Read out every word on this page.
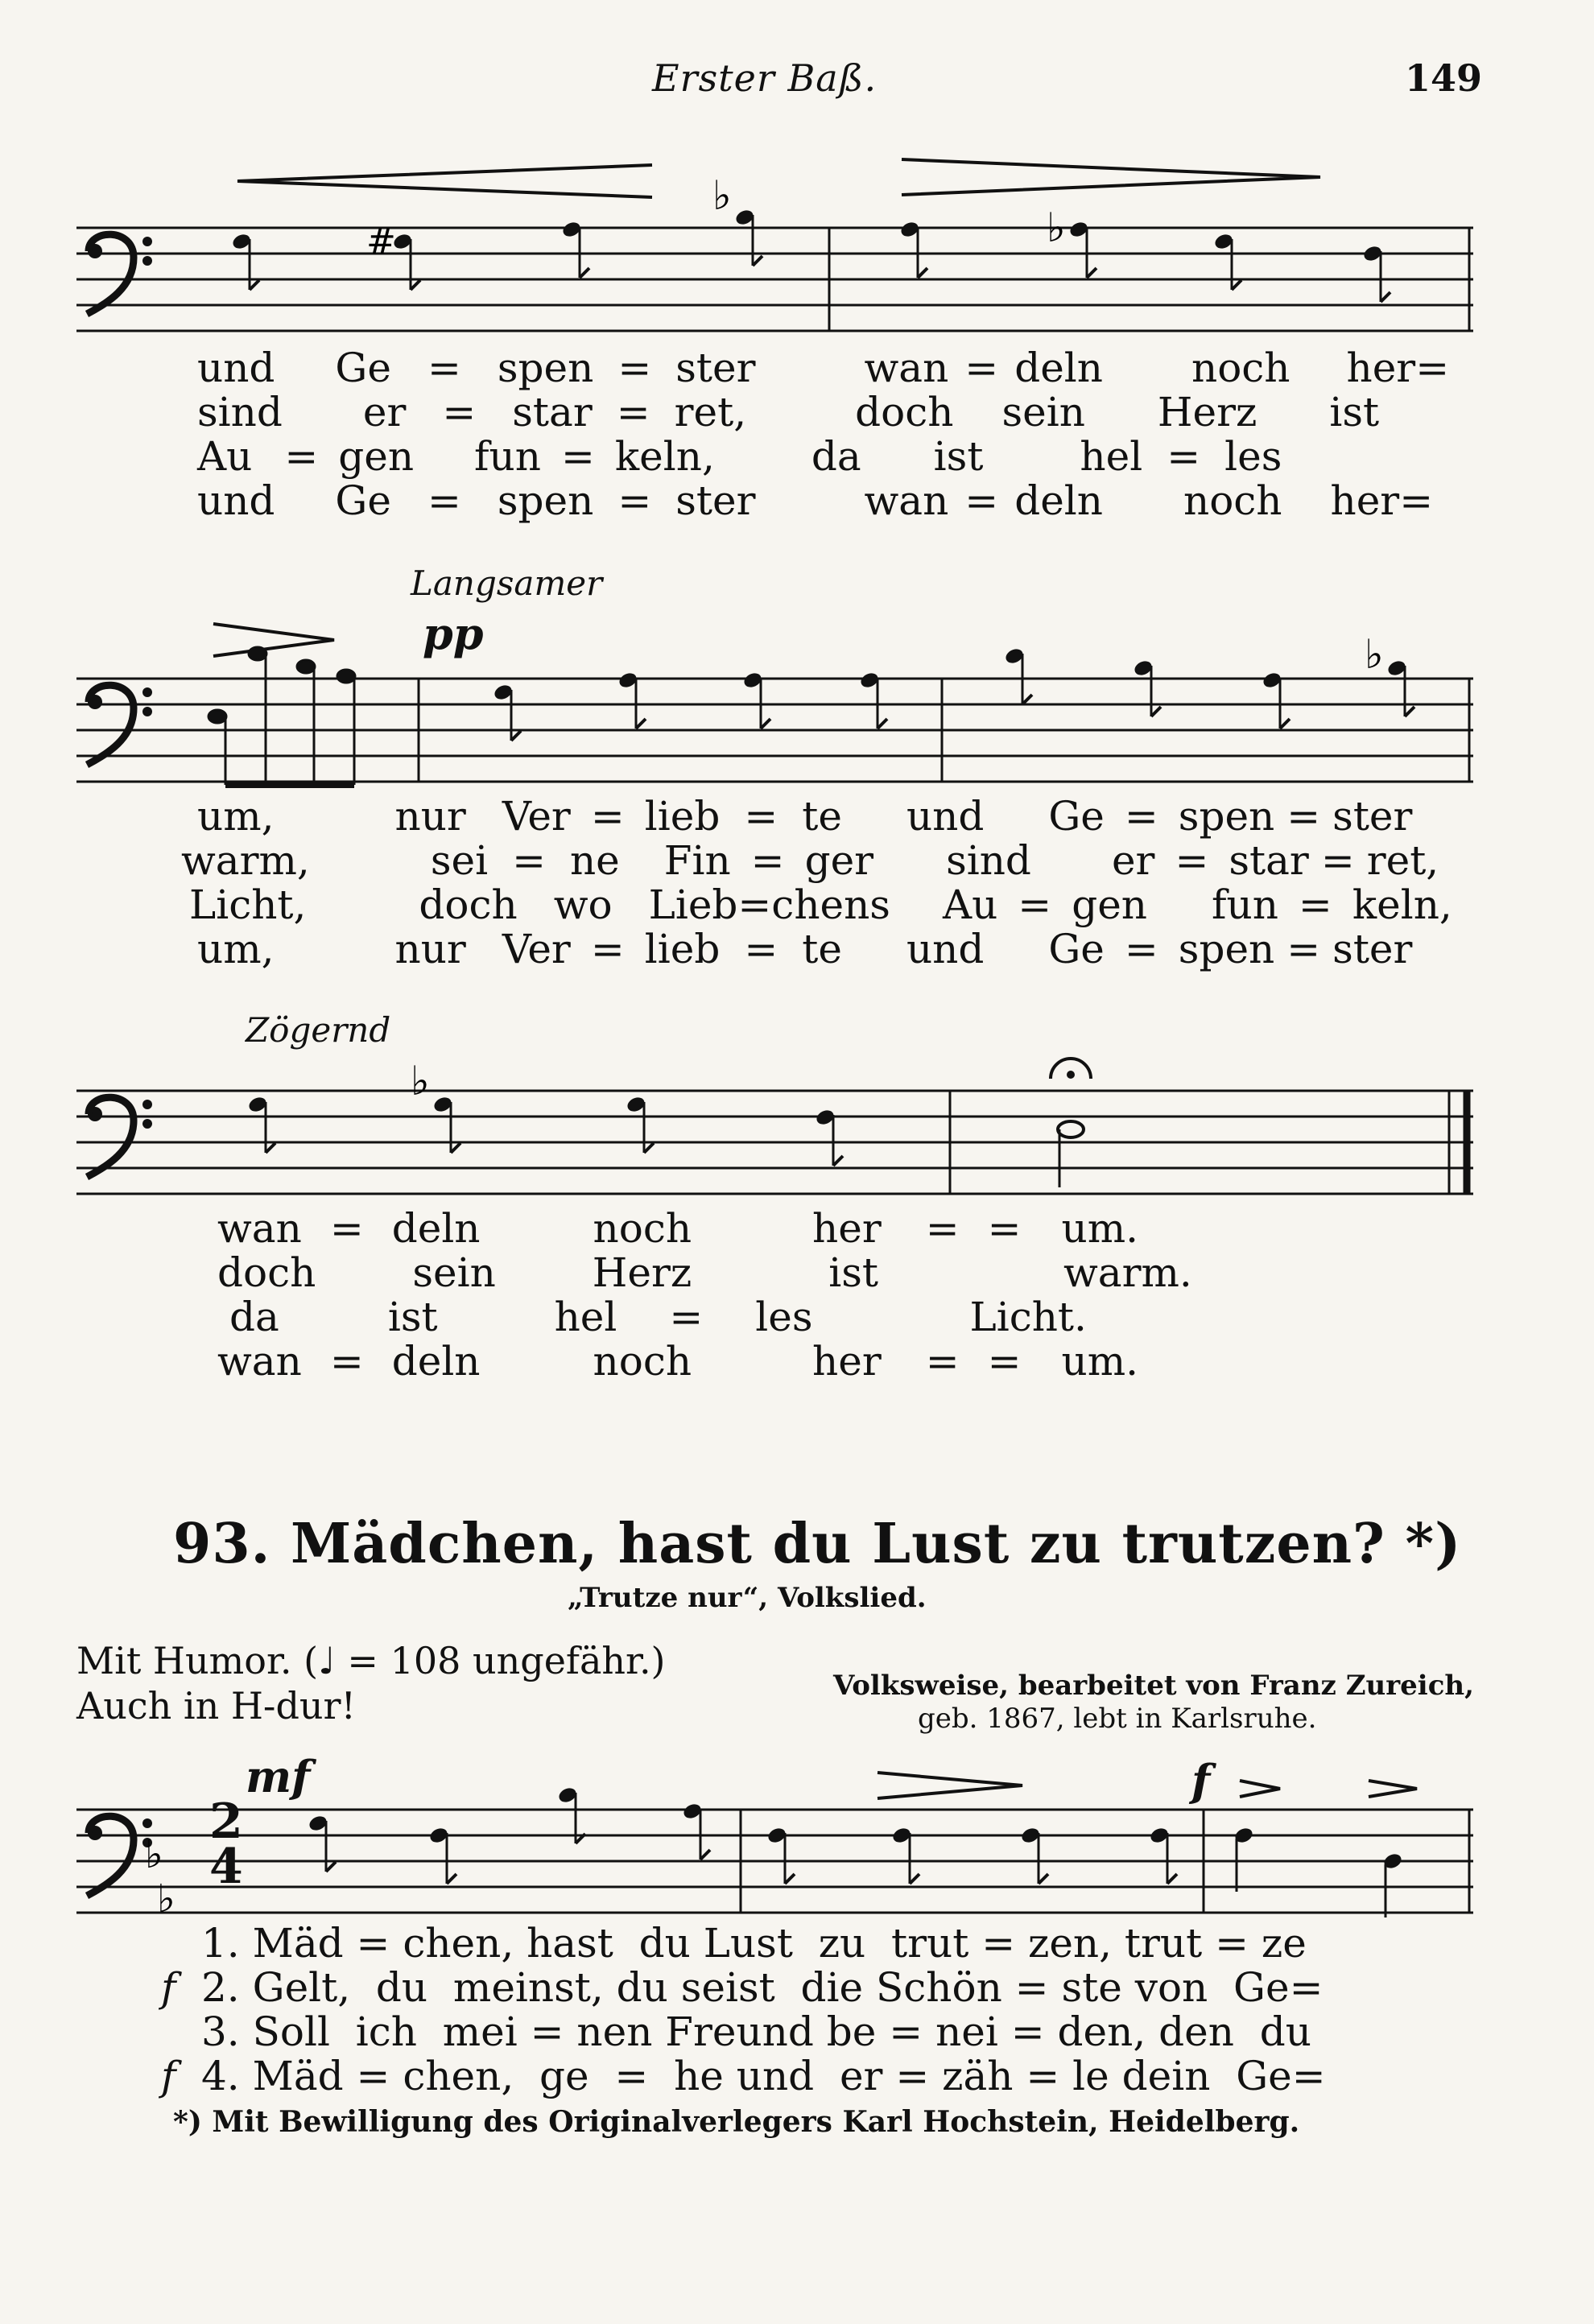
Erster Baß.	149
#
♭
♭
♭
♭
♭
♭
und Ge = spen = ster	wan = deln noch her=
sind er = star = ret,	doch sein Herz ist
Au = gen fun = keln, da ist hel = les
und Ge = spen = ster	wan = deln noch her=
Langsamer
pp
um,	nur Ver = lieb = te und Ge = spen = ster
warm,	sei = ne Fin = ger sind er = star = ret,
Licht,	doch wo Lieb=chens Au = gen fun = keln,
um,	nur Ver = lieb = te und Ge = spen = ster
Zögernd
wan = deln	noch	her = = um.
doch sein Herz	ist	warm.
da	ist	hel = les	Licht.
wan = deln	noch	her = = um.
93. Mädchen, hast du Lust zu trutzen? *)
„Trutze nur“, Volkslied.
Mit Humor. (♩ = 108 ungefähr.)
Auch in H-dur!	Volksweise, bearbeitet von Franz Zureich,
geb. 1867, lebt in Karlsruhe.
mf	f
2
4
1. Mäd = chen, hast  du Lust  zu  trut = zen, trut = ze
f 2. Gelt,  du  meinst, du seist  die Schön = ste von  Ge=
3. Soll  ich  mei = nen Freund be = nei = den, den  du
f 4. Mäd = chen,  ge  =  he und  er = zäh = le dein  Ge=
*) Mit Bewilligung des Originalverlegers Karl Hochstein, Heidelberg.
